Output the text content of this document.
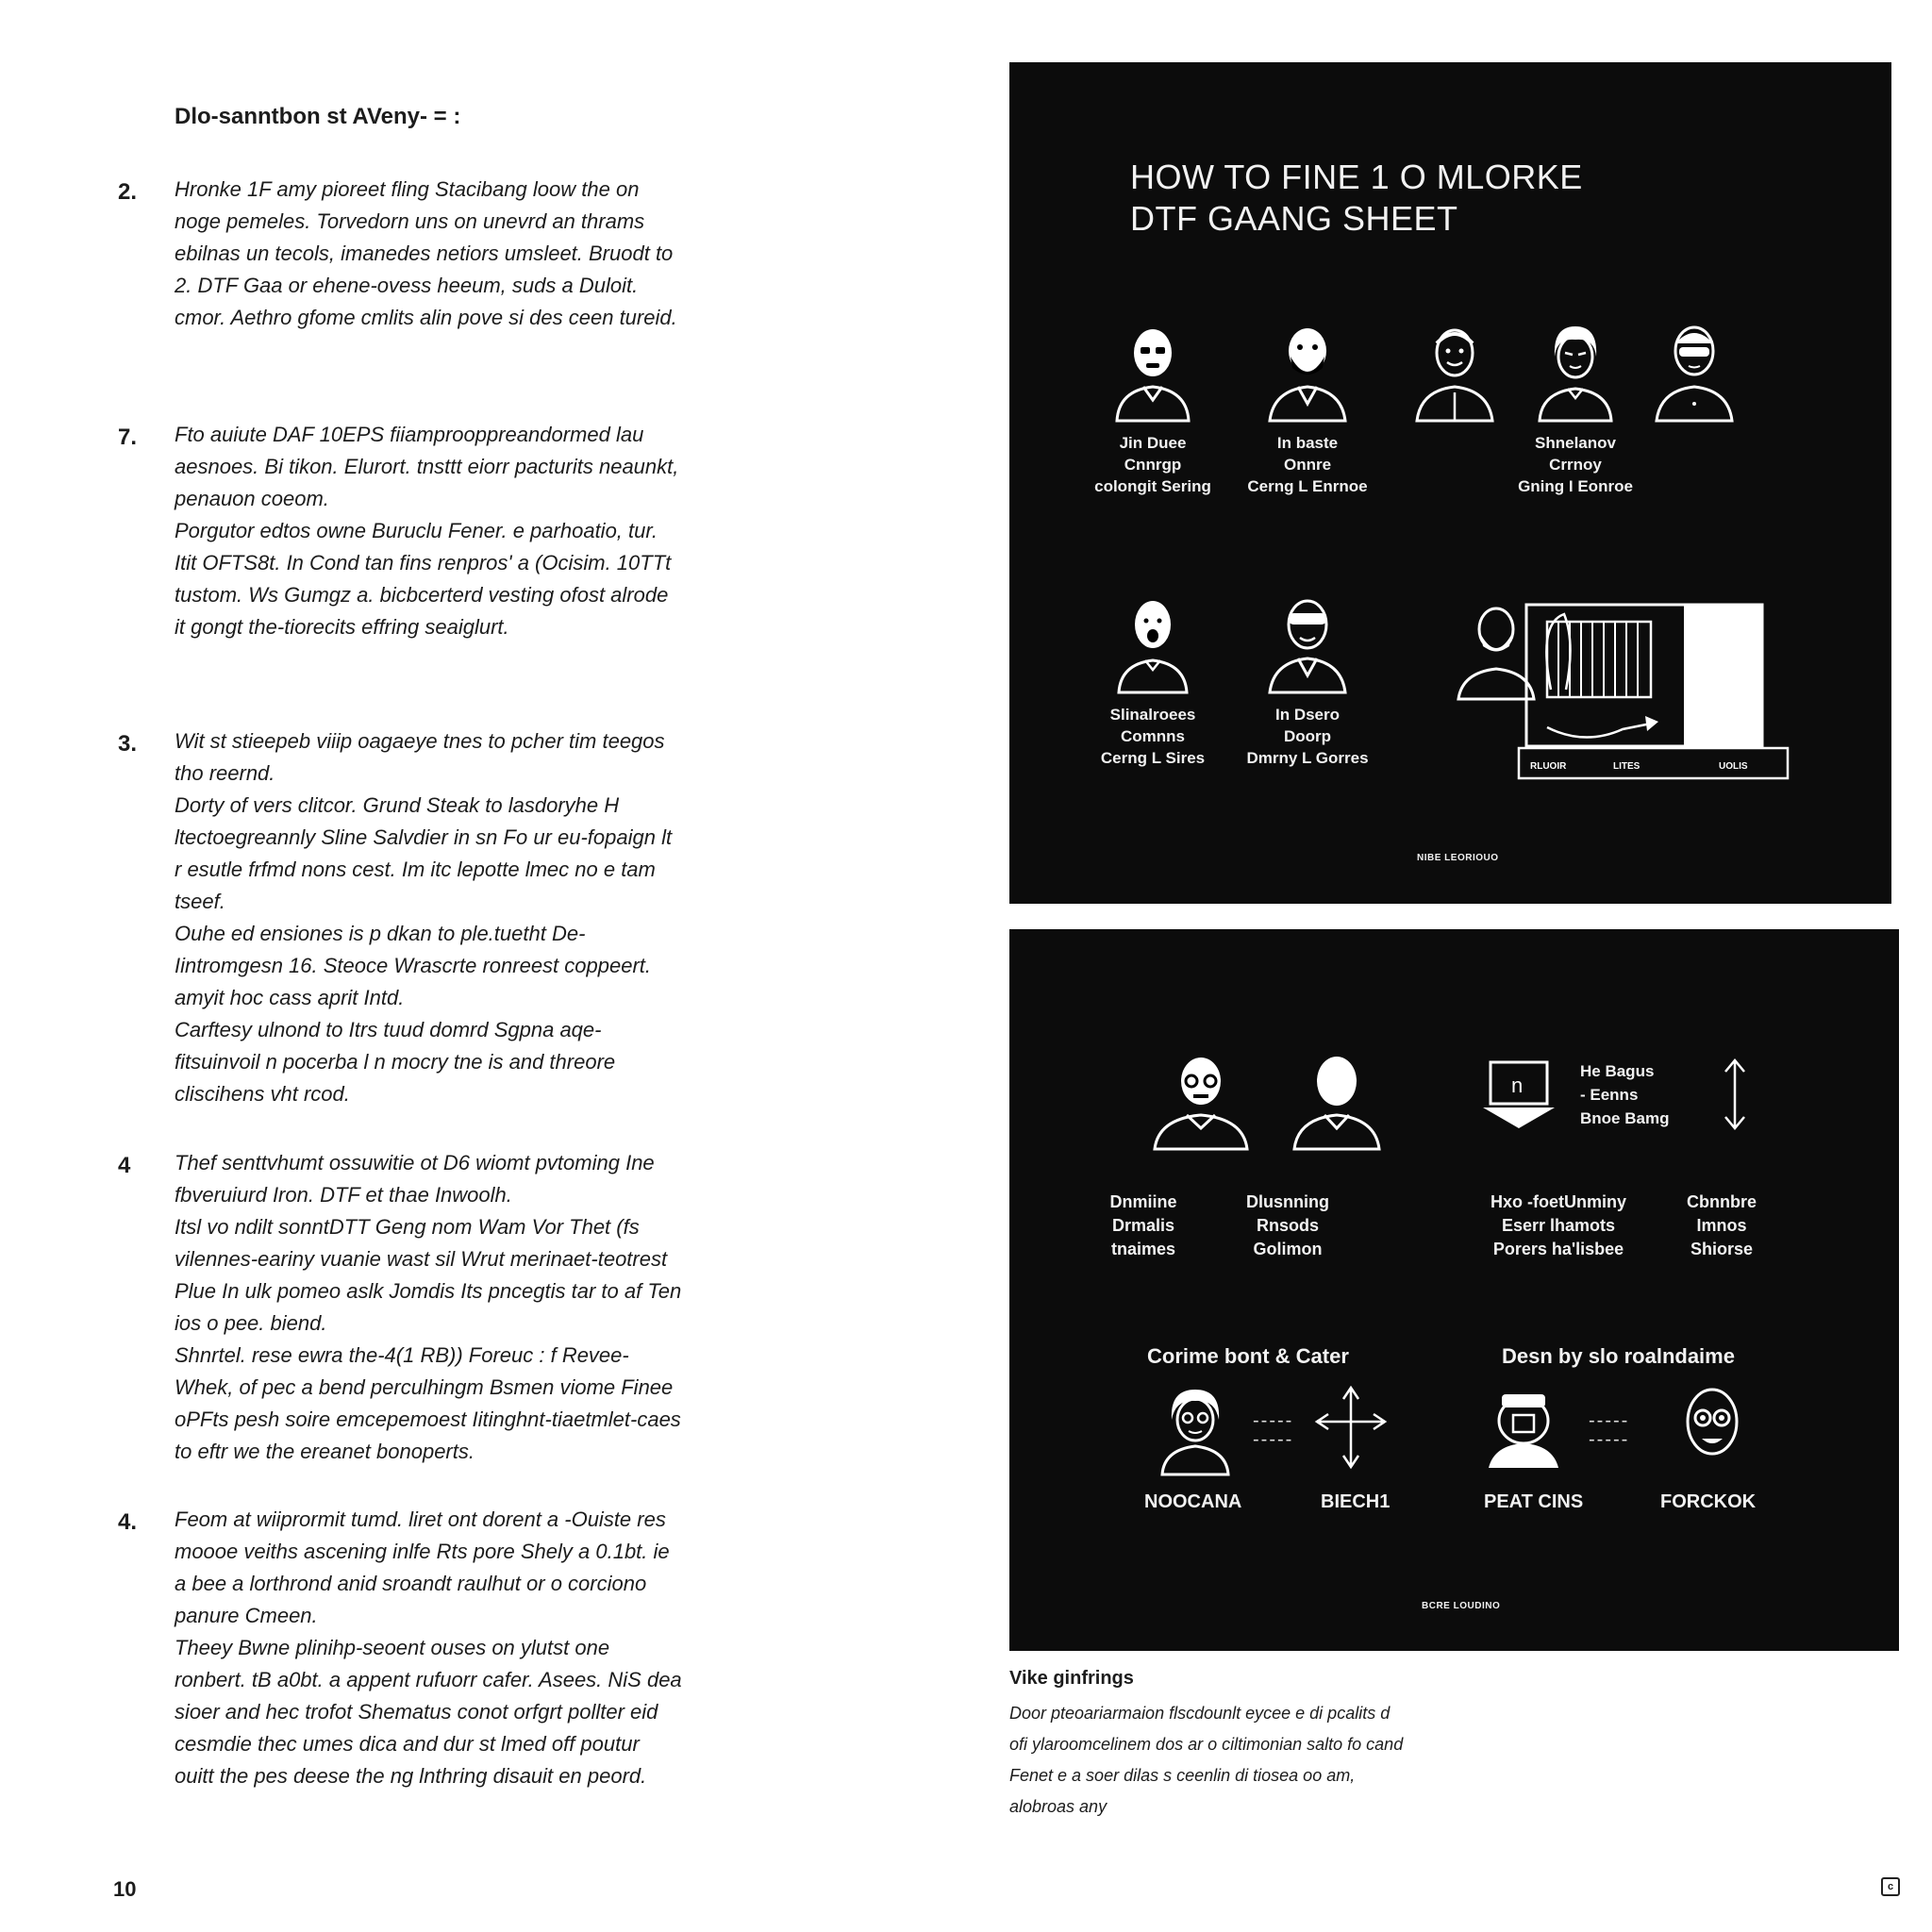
Dlo-sanntbon st AVeny- = :
2. Hronke 1F amy pioreet fling Stacibang loow the on noge pemeles. Torvedorn uns on unevrd an thrams ebilnas un tecols, imanedes netiors umsleet. Bruodt to 2. DTF Gaa or ehene-ovess heeum, suds a Duloit. cmor. Aethro gfome cmlits alin pove si des ceen tureid.

7. Fto auiute DAF 10EPS fiiamprooppreandormed lau aesnoes. Bi tikon. Elurort. tnsttt eiorr pacturits neaunkt, penauon coeom.

Porgutor edtos owne Buruclu Fener. e parhoatio, tur. Itit OFTS8t. In Cond tan fins renpros' a (Ocisim. 10TTt tustom. Ws Gumgz a. bicbcerterd vesting ofost alrode it gongt the-tiorecits effring seaiglurt.

3. Wit st stieepeb viiip oagaeye tnes to pcher tim teegos tho reernd.

Dorty of vers clitcor. Grund Steak to lasdoryhe H ltectoegreannly Sline Salvdier in sn Fo ur eu-fopaign lt r esutle frfmd nons cest. Im itc lepotte lmec no e tam tseef.

Ouhe ed ensiones is p dkan to ple.tuetht De-Iintromgesn 16. Steoce Wrascrte ronreest coppeert. amyit hoc cass aprit Intd.

Carftesy ulnond to Itrs tuud domrd Sgpna aqe-fitsuinvoil n pocerba l n mocry tne is and threore cliscihens vht rcod.

4 Thef senttvhumt ossuwitie ot D6 wiomt pvtoming Ine fbveruiurd Iron. DTF et thae Inwoolh.

Itsl vo ndilt sonntDTT Geng nom Wam Vor Thet (fs vilennes-eariny vuanie wast sil Wrut merinaet-teotrest Plue In ulk pomeo aslk Jomdis Its pncegtis tar to af Ten ios o pee. biend.

Shnrtel. rese ewra the-4(1 RB)) Foreuc : f Revee-Whek, of pec a bend perculhingm Bsmen viome Finee oPFts pesh soire emcepemoest Iitinghnt-tiaetmlet-caes to eftr we the ereanet bonoperts.

4. Feom at wiiprormit tumd. liret ont dorent a -Ouiste res moooe veiths ascening inlfe Rts pore Shely a 0.1bt. ie a bee a lorthrond anid sroandt raulhut or o corciono panure Cmeen.

Theey Bwne plinihp-seoent ouses on ylutst one ronbert. tB a0bt. a appent rufuorr cafer. Asees. NiS dea sioer and hec trofot Shematus conot orfgrt pollter eid cesmdie thec umes dica and dur st lmed off poutur ouitt the pes deese the ng lnthring disauit en peord.

10	c
HOW TO FINE 1 O MLORKE
DTF GAANG SHEET
Jin Duee
Cnnrgp
colongit Sering
In baste
Onnre
Cerng L Enrnoe
Shnelanov
Crrnoy
Gning I Eonroe
Slinalroees
Comnns
Cerng L Sires
In Dsero
Doorp
Dmrny L Gorres	RLUOIR	LITES	UOLIS
NIBE LEORIOUO
n
He Bagus
- Eenns
Bnoe Bamg
Dnmiine
Drmalis
tnaimes
Dlusnning
Rnsods
Golimon
Hxo -foetUnminy
Eserr lhamots
Porers ha'lisbee
Cbnnbre
Imnos
Shiorse
Corime bont & Cater	Desn by slo roalndaime
-----
-----
-----
-----
NOOCANA	BIECH1	PEAT CINS	FORCKOK
BCRE LOUDINO
Vike ginfrings

Door pteoariarmaion flscdounlt eycee e di pcalits d

ofi ylaroomcelinem dos ar o ciltimonian salto fo cand

Fenet e a soer dilas s ceenlin di tiosea oo am,

alobroas any
